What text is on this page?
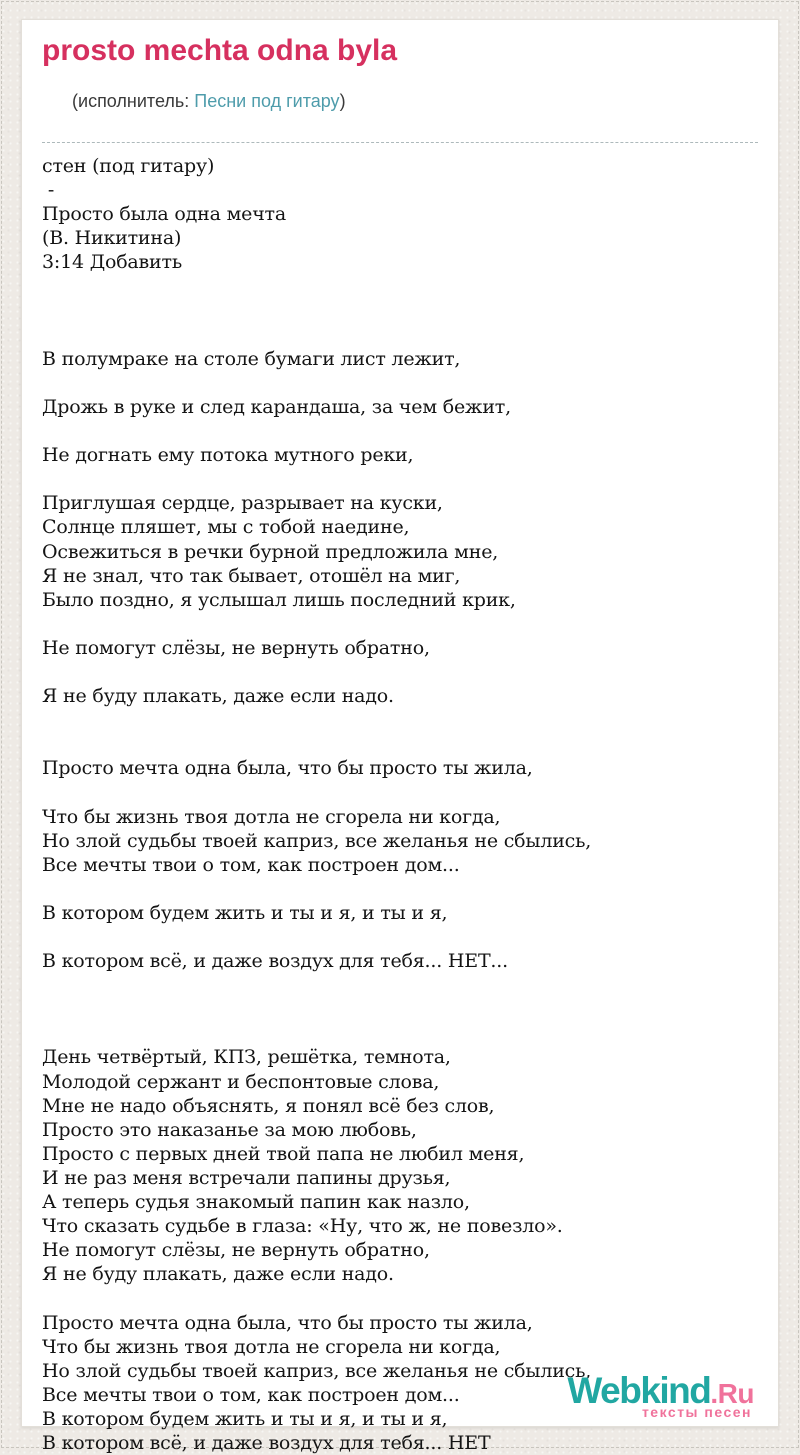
prosto mechta odna byla

(исполнитель: Песни под гитару)

стен (под гитару)
-
Просто была одна мечта
(В. Никитина)
3:14 Добавить

В полумраке на столе бумаги лист лежит,

Дрожь в руке и след карандаша, за чем бежит,

Не догнать ему потока мутного реки,

Приглушая сердце, разрывает на куски,
Солнце пляшет, мы с тобой наедине,
Освежиться в речки бурной предложила мне,
Я не знал, что так бывает, отошёл на миг,
Было поздно, я услышал лишь последний крик,

Не помогут слёзы, не вернуть обратно,

Я не буду плакать, даже если надо.

Просто мечта одна была, что бы просто ты жила,

Что бы жизнь твоя дотла не сгорела ни когда,
Но злой судьбы твоей каприз, все желанья не сбылись,
Все мечты твои о том, как построен дом...

В котором будем жить и ты и я, и ты и я,

В котором всё, и даже воздух для тебя... НЕТ...

День четвёртый, КПЗ, решётка, темнота,
Молодой сержант и беспонтовые слова,
Мне не надо объяснять, я понял всё без слов,
Просто это наказанье за мою любовь,
Просто с первых дней твой папа не любил меня,
И не раз меня встречали папины друзья,
А теперь судья знакомый папин как назло,
Что сказать судьбе в глаза: «Ну, что ж, не повезло».
Не помогут слёзы, не вернуть обратно,
Я не буду плакать, даже если надо.

Просто мечта одна была, что бы просто ты жила,
Что бы жизнь твоя дотла не сгорела ни когда,
Но злой судьбы твоей каприз, все желанья не сбылись,
Все мечты твои о том, как построен дом...
В котором будем жить и ты и я, и ты и я,
В котором всё, и даже воздух для тебя... НЕТ
Webkind.Ru
тексты песен
